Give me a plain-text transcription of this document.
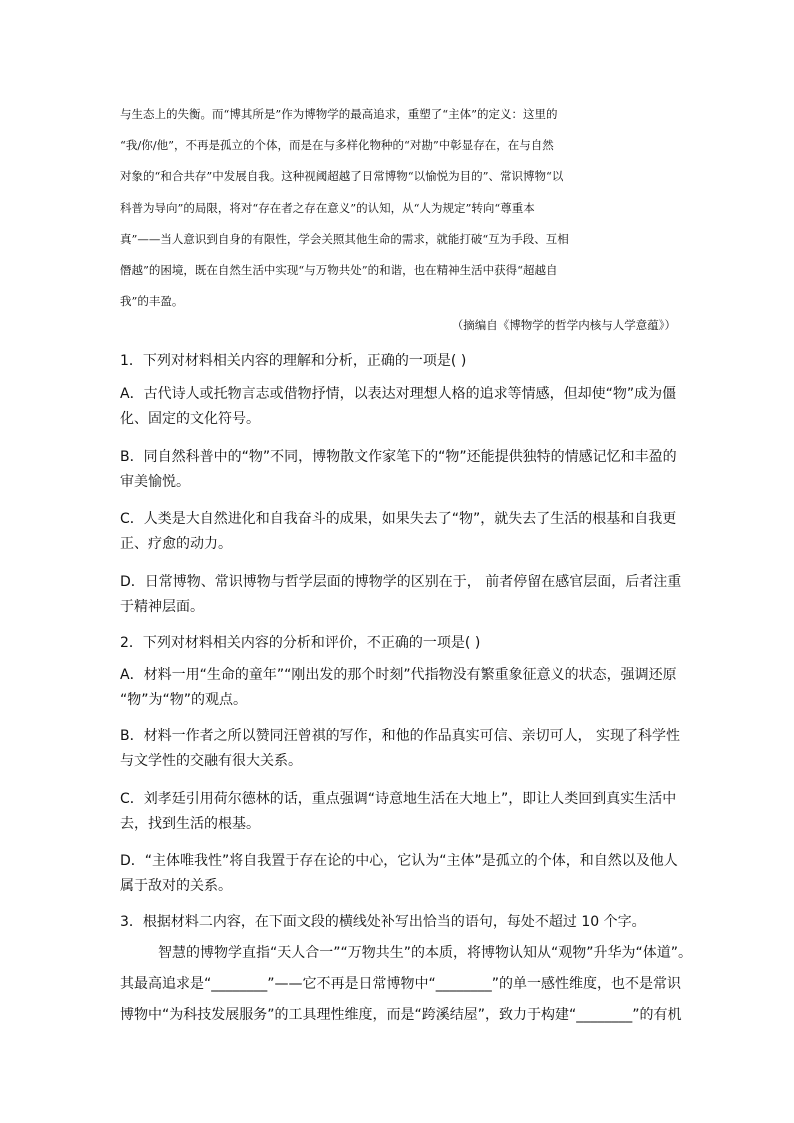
与生态上的失衡。而“博其所是”作为博物学的最高追求，重塑了“主体”的定义：这里的

“我/你/他”，不再是孤立的个体，而是在与多样化物种的“对勘”中彰显存在，在与自然

对象的“和合共存”中发展自我。这种视阈超越了日常博物“以愉悦为目的”、常识博物“以

科普为导向”的局限，将对“存在者之存在意义”的认知，从“人为规定”转向“尊重本

真”——当人意识到自身的有限性，学会关照其他生命的需求，就能打破“互为手段、互相

僭越”的困境，既在自然生活中实现“与万物共处”的和谐，也在精神生活中获得“超越自

我”的丰盈。

（摘编自《博物学的哲学内核与人学意蕴》）

1．下列对材料相关内容的理解和分析，正确的一项是( )

A．古代诗人或托物言志或借物抒情，以表达对理想人格的追求等情感，但却使“物”成为僵

化、固定的文化符号。

B．同自然科普中的“物”不同，博物散文作家笔下的“物”还能提供独特的情感记忆和丰盈的

审美愉悦。

C．人类是大自然进化和自我奋斗的成果，如果失去了“物”，就失去了生活的根基和自我更

正、疗愈的动力。

D．日常博物、常识博物与哲学层面的博物学的区别在于， 前者停留在感官层面，后者注重

于精神层面。

2．下列对材料相关内容的分析和评价，不正确的一项是( )

A．材料一用“生命的童年”“刚出发的那个时刻”代指物没有繁重象征意义的状态，强调还原

“物”为“物”的观点。

B．材料一作者之所以赞同汪曾祺的写作，和他的作品真实可信、亲切可人， 实现了科学性

与文学性的交融有很大关系。

C．刘孝廷引用荷尔德林的话，重点强调“诗意地生活在大地上”，即让人类回到真实生活中

去，找到生活的根基。

D．“主体唯我性”将自我置于存在论的中心，它认为“主体”是孤立的个体，和自然以及他人

属于敌对的关系。

3．根据材料二内容，在下面文段的横线处补写出恰当的语句，每处不超过 10 个字。

智慧的博物学直指“天人合一”“万物共生”的本质，将博物认知从“观物”升华为“体道”。

其最高追求是“________”——它不再是日常博物中“________”的单一感性维度，也不是常识

博物中“为科技发展服务”的工具理性维度，而是“跨溪结屋”，致力于构建“________”的有机
